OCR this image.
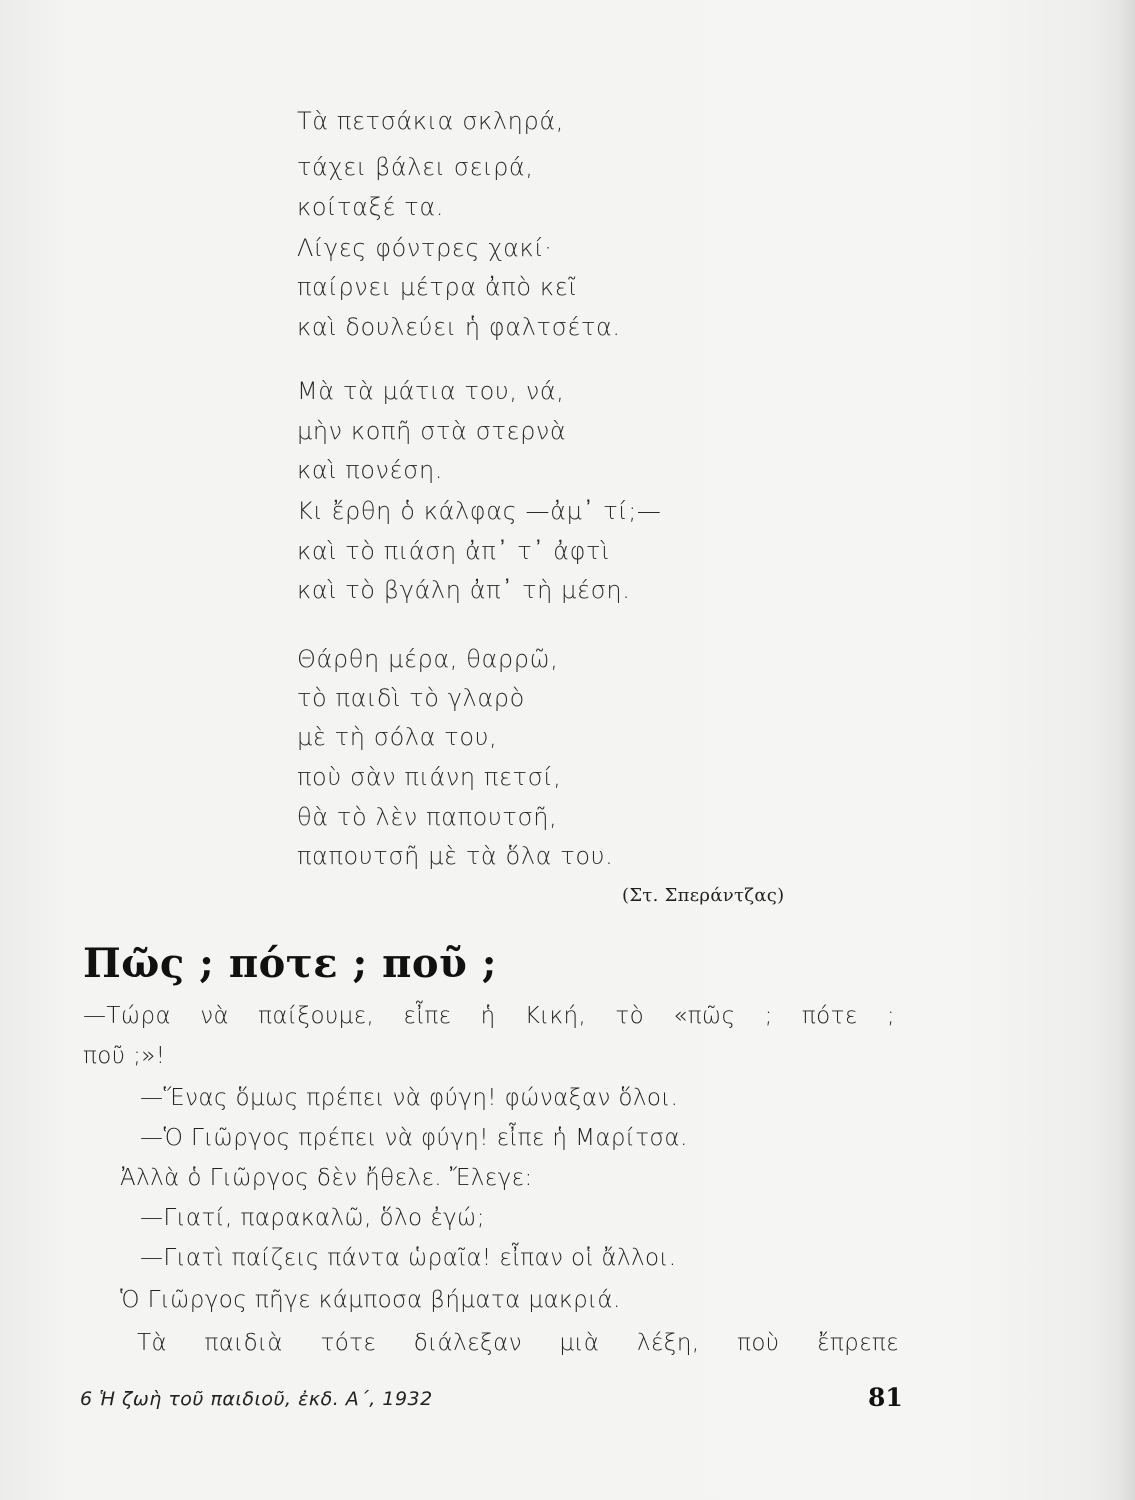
Τὰ πετσάκια σκληρά,
τάχει βάλει σειρά,
κοίταξέ τα.
Λίγες φόντρες χακί·
παίρνει μέτρα ἀπὸ κεῖ
καὶ δουλεύει ἡ φαλτσέτα.
Μὰ τὰ μάτια του, νά,
μὴν κοπῆ στὰ στερνὰ
καὶ πονέση.
Κι ἔρθη ὁ κάλφας —ἀμ᾽ τί;—
καὶ τὸ πιάση ἀπ᾽ τ᾽ ἀφτὶ
καὶ τὸ βγάλη ἀπ᾽ τὴ μέση.
Θάρθη μέρα, θαρρῶ,
τὸ παιδὶ τὸ γλαρὸ
μὲ τὴ σόλα του,
ποὺ σὰν πιάνη πετσί,
θὰ τὸ λὲν παπουτσῆ,
παπουτσῆ μὲ τὰ ὅλα του.
(Στ. Σπεράντζας)
Πῶς ; πότε ; ποῦ ;
—Τώρα νὰ παίξουμε, εἶπε ἡ Κική, τὸ «πῶς ; πότε ;
ποῦ ;»!
—Ἕνας ὅμως πρέπει νὰ φύγη! φώναξαν ὅλοι.
—Ὁ Γιῶργος πρέπει νὰ φύγη! εἶπε ἡ Μαρίτσα.
Ἀλλὰ ὁ Γιῶργος δὲν ἤθελε. Ἔλεγε:
—Γιατί, παρακαλῶ, ὅλο ἐγώ;
—Γιατὶ παίζεις πάντα ὡραῖα! εἶπαν οἱ ἄλλοι.
Ὁ Γιῶργος πῆγε κάμποσα βήματα μακριά.
Τὰ παιδιὰ τότε διάλεξαν μιὰ λέξη, ποὺ ἔπρεπε
6 Ἡ ζωὴ τοῦ παιδιοῦ, ἐκδ. Α´, 1932	81
